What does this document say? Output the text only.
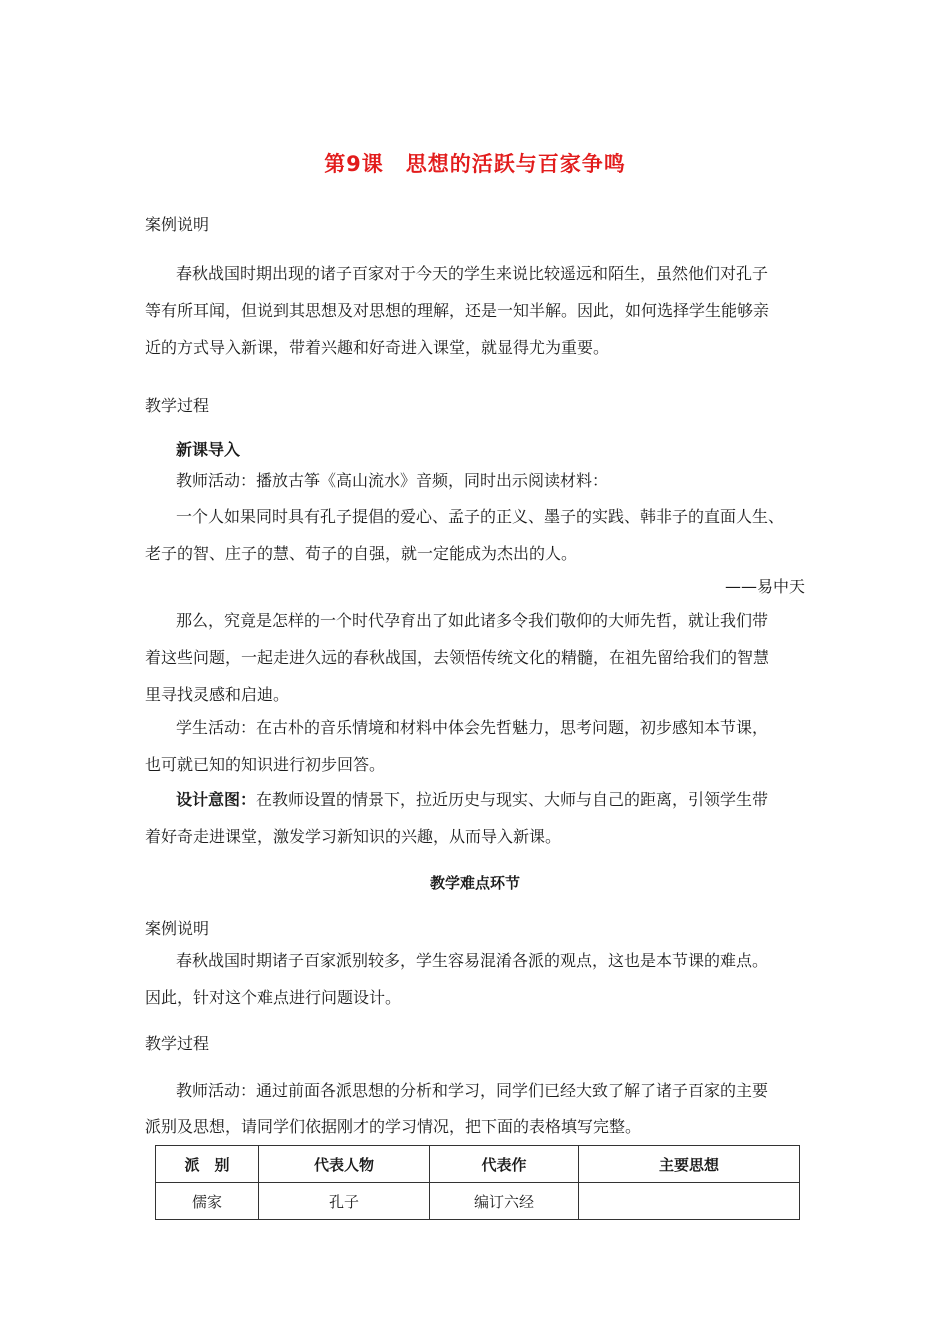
第9课　思想的活跃与百家争鸣
案例说明
春秋战国时期出现的诸子百家对于今天的学生来说比较遥远和陌生，虽然他们对孔子
等有所耳闻，但说到其思想及对思想的理解，还是一知半解。因此，如何选择学生能够亲
近的方式导入新课，带着兴趣和好奇进入课堂，就显得尤为重要。
教学过程
新课导入
教师活动：播放古筝《高山流水》音频，同时出示阅读材料：
一个人如果同时具有孔子提倡的爱心、孟子的正义、墨子的实践、韩非子的直面人生、
老子的智、庄子的慧、荀子的自强，就一定能成为杰出的人。
——易中天
那么，究竟是怎样的一个时代孕育出了如此诸多令我们敬仰的大师先哲，就让我们带
着这些问题，一起走进久远的春秋战国，去领悟传统文化的精髓，在祖先留给我们的智慧
里寻找灵感和启迪。
学生活动：在古朴的音乐情境和材料中体会先哲魅力，思考问题，初步感知本节课，
也可就已知的知识进行初步回答。
设计意图：在教师设置的情景下，拉近历史与现实、大师与自己的距离，引领学生带
着好奇走进课堂，激发学习新知识的兴趣，从而导入新课。
教学难点环节
案例说明
春秋战国时期诸子百家派别较多，学生容易混淆各派的观点，这也是本节课的难点。
因此，针对这个难点进行问题设计。
教学过程
教师活动：通过前面各派思想的分析和学习，同学们已经大致了解了诸子百家的主要
派别及思想，请同学们依据刚才的学习情况，把下面的表格填写完整。
派　别	代表人物	代表作	主要思想
儒家	孔子	编订六经	
